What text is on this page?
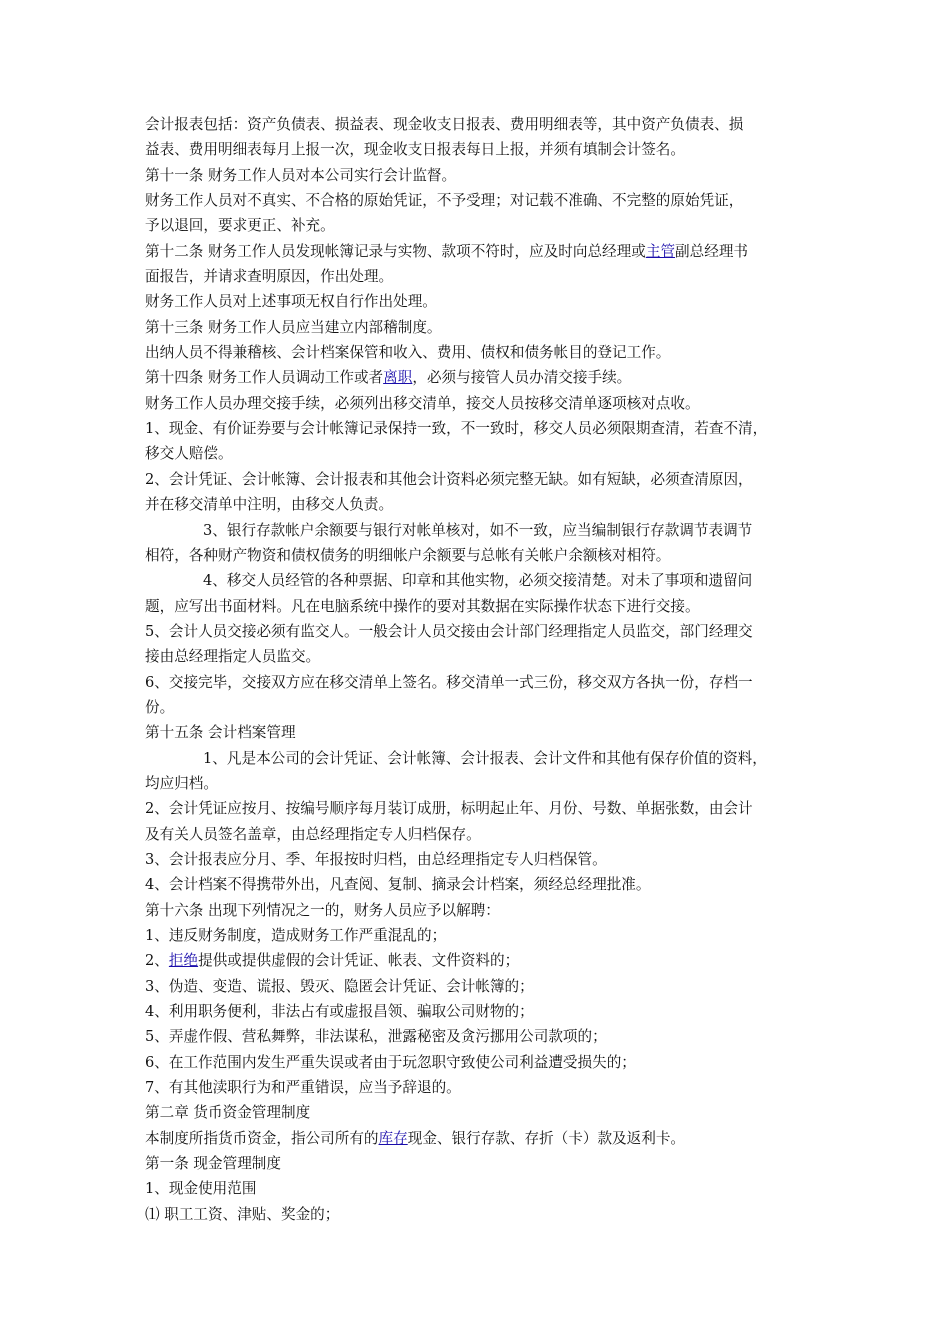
会计报表包括：资产负债表、损益表、现金收支日报表、费用明细表等，其中资产负债表、损
益表、费用明细表每月上报一次，现金收支日报表每日上报，并须有填制会计签名。
第十一条 财务工作人员对本公司实行会计监督。
财务工作人员对不真实、不合格的原始凭证，不予受理；对记载不准确、不完整的原始凭证，
予以退回，要求更正、补充。
第十二条 财务工作人员发现帐簿记录与实物、款项不符时，应及时向总经理或主管副总经理书
面报告，并请求查明原因，作出处理。
财务工作人员对上述事项无权自行作出处理。
第十三条 财务工作人员应当建立内部稽制度。
出纳人员不得兼稽核、会计档案保管和收入、费用、债权和债务帐目的登记工作。
第十四条 财务工作人员调动工作或者离职，必须与接管人员办清交接手续。
财务工作人员办理交接手续，必须列出移交清单，接交人员按移交清单逐项核对点收。
1、现金、有价证券要与会计帐簿记录保持一致，不一致时，移交人员必须限期查清，若查不清，
移交人赔偿。
2、会计凭证、会计帐簿、会计报表和其他会计资料必须完整无缺。如有短缺，必须查清原因，
并在移交清单中注明，由移交人负责。
3、银行存款帐户余额要与银行对帐单核对，如不一致，应当编制银行存款调节表调节
相符，各种财产物资和债权债务的明细帐户余额要与总帐有关帐户余额核对相符。
4、移交人员经管的各种票据、印章和其他实物，必须交接清楚。对未了事项和遗留问
题，应写出书面材料。凡在电脑系统中操作的要对其数据在实际操作状态下进行交接。
5、会计人员交接必须有监交人。一般会计人员交接由会计部门经理指定人员监交，部门经理交
接由总经理指定人员监交。
6、交接完毕，交接双方应在移交清单上签名。移交清单一式三份，移交双方各执一份，存档一
份。
第十五条 会计档案管理
1、凡是本公司的会计凭证、会计帐簿、会计报表、会计文件和其他有保存价值的资料，
均应归档。
2、会计凭证应按月、按编号顺序每月装订成册，标明起止年、月份、号数、单据张数，由会计
及有关人员签名盖章，由总经理指定专人归档保存。
3、会计报表应分月、季、年报按时归档，由总经理指定专人归档保管。
4、会计档案不得携带外出，凡查阅、复制、摘录会计档案，须经总经理批准。
第十六条 出现下列情况之一的，财务人员应予以解聘：
1、违反财务制度，造成财务工作严重混乱的；
2、拒绝提供或提供虚假的会计凭证、帐表、文件资料的；
3、伪造、变造、谎报、毁灭、隐匿会计凭证、会计帐簿的；
4、利用职务便利，非法占有或虚报昌领、骗取公司财物的；
5、弄虚作假、营私舞弊，非法谋私，泄露秘密及贪污挪用公司款项的；
6、在工作范围内发生严重失误或者由于玩忽职守致使公司利益遭受损失的；
7、有其他渎职行为和严重错误，应当予辞退的。
第二章 货币资金管理制度
本制度所指货币资金，指公司所有的库存现金、银行存款、存折（卡）款及返利卡。
第一条 现金管理制度
1、现金使用范围
⑴ 职工工资、津贴、奖金的；
